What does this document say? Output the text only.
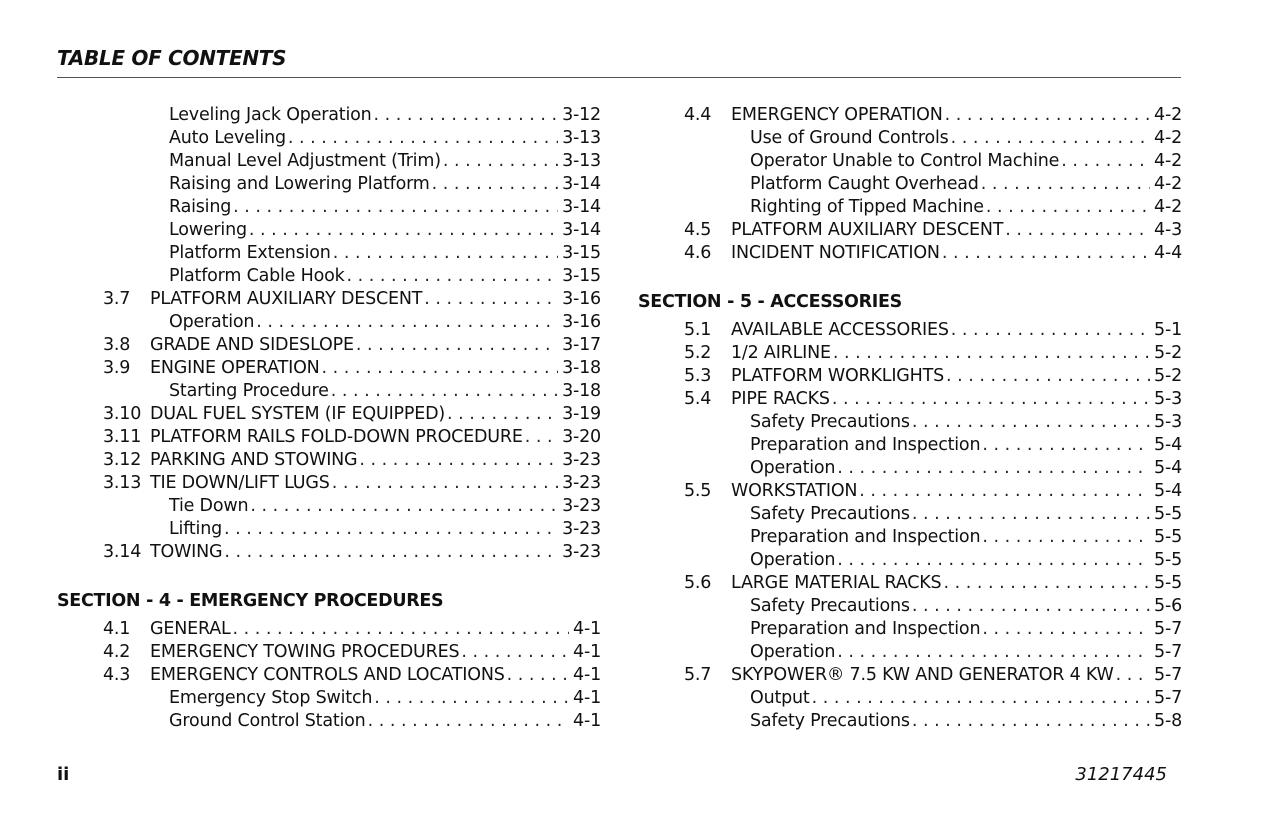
TABLE OF CONTENTS
Leveling Jack Operation . . .	3-12
Auto Leveling . . .	3-13
Manual Level Adjustment (Trim) . . .	3-13
Raising and Lowering Platform . . .	3-14
Raising . . .	3-14
Lowering . . .	3-14
Platform Extension . . .	3-15
Platform Cable Hook . . .	3-15
3.7 PLATFORM AUXILIARY DESCENT . . .	3-16
Operation . . .	3-16
3.8 GRADE AND SIDESLOPE . . .	3-17
3.9 ENGINE OPERATION . . .	3-18
Starting Procedure . . .	3-18
3.10 DUAL FUEL SYSTEM (IF EQUIPPED) . . .	3-19
3.11 PLATFORM RAILS FOLD-DOWN PROCEDURE . . . 3-20
3.12 PARKING AND STOWING . . .	3-23
3.13 TIE DOWN/LIFT LUGS . . .	3-23
Tie Down . . .	3-23
Lifting . . .	3-23
3.14 TOWING . . .	3-23
SECTION - 4 - EMERGENCY PROCEDURES
4.1 GENERAL . . .	4-1
4.2 EMERGENCY TOWING PROCEDURES . . .	4-1
4.3 EMERGENCY CONTROLS AND LOCATIONS . . .	4-1
Emergency Stop Switch . . .	4-1
Ground Control Station . . .	4-1
4.4 EMERGENCY OPERATION . . .	4-2
Use of Ground Controls . . .	4-2
Operator Unable to Control Machine . . .	4-2
Platform Caught Overhead . . .	4-2
Righting of Tipped Machine . . .	4-2
4.5 PLATFORM AUXILIARY DESCENT . . .	4-3
4.6 INCIDENT NOTIFICATION . . .	4-4
SECTION - 5 - ACCESSORIES
5.1 AVAILABLE ACCESSORIES . . .	5-1
5.2 1/2 AIRLINE . . .	5-2
5.3 PLATFORM WORKLIGHTS . . .	5-2
5.4 PIPE RACKS . . .	5-3
Safety Precautions . . .	5-3
Preparation and Inspection . . .	5-4
Operation . . .	5-4
5.5 WORKSTATION . . .	5-4
Safety Precautions . . .	5-5
Preparation and Inspection . . .	5-5
Operation . . .	5-5
5.6 LARGE MATERIAL RACKS . . .	5-5
Safety Precautions . . .	5-6
Preparation and Inspection . . .	5-7
Operation . . .	5-7
5.7 SKYPOWER® 7.5 KW AND GENERATOR 4 KW . . . 5-7
Output . . .	5-7
Safety Precautions . . .	5-8
ii	31217445
